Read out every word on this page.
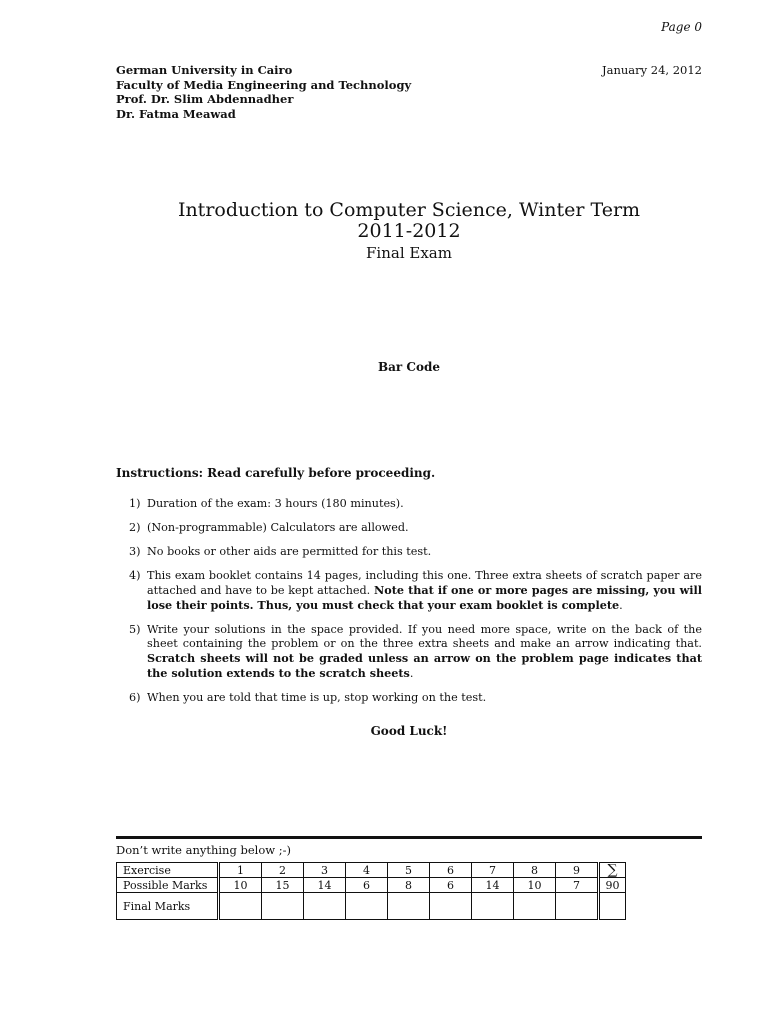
Page 0
German University in Cairo
Faculty of Media Engineering and Technology
Prof. Dr. Slim Abdennadher
Dr. Fatma Meawad
January 24, 2012
Introduction to Computer Science, Winter Term
2011-2012
Final Exam
Bar Code
Instructions: Read carefully before proceeding.
1) Duration of the exam: 3 hours (180 minutes).
2) (Non-programmable) Calculators are allowed.
3) No books or other aids are permitted for this test.
4) This exam booklet contains 14 pages, including this one. Three extra sheets of scratch paper are attached and have to be kept attached. Note that if one or more pages are missing, you will lose their points. Thus, you must check that your exam booklet is complete.
5) Write your solutions in the space provided. If you need more space, write on the back of the sheet containing the problem or on the three extra sheets and make an arrow indicating that. Scratch sheets will not be graded unless an arrow on the problem page indicates that the solution extends to the scratch sheets.
6) When you are told that time is up, stop working on the test.
Good Luck!
Don’t write anything below ;-)
Exercise	1	2	3	4	5	6	7	8	9	∑
Possible Marks	10	15	14	6	8	6	14	10	7	90
Final Marks										
